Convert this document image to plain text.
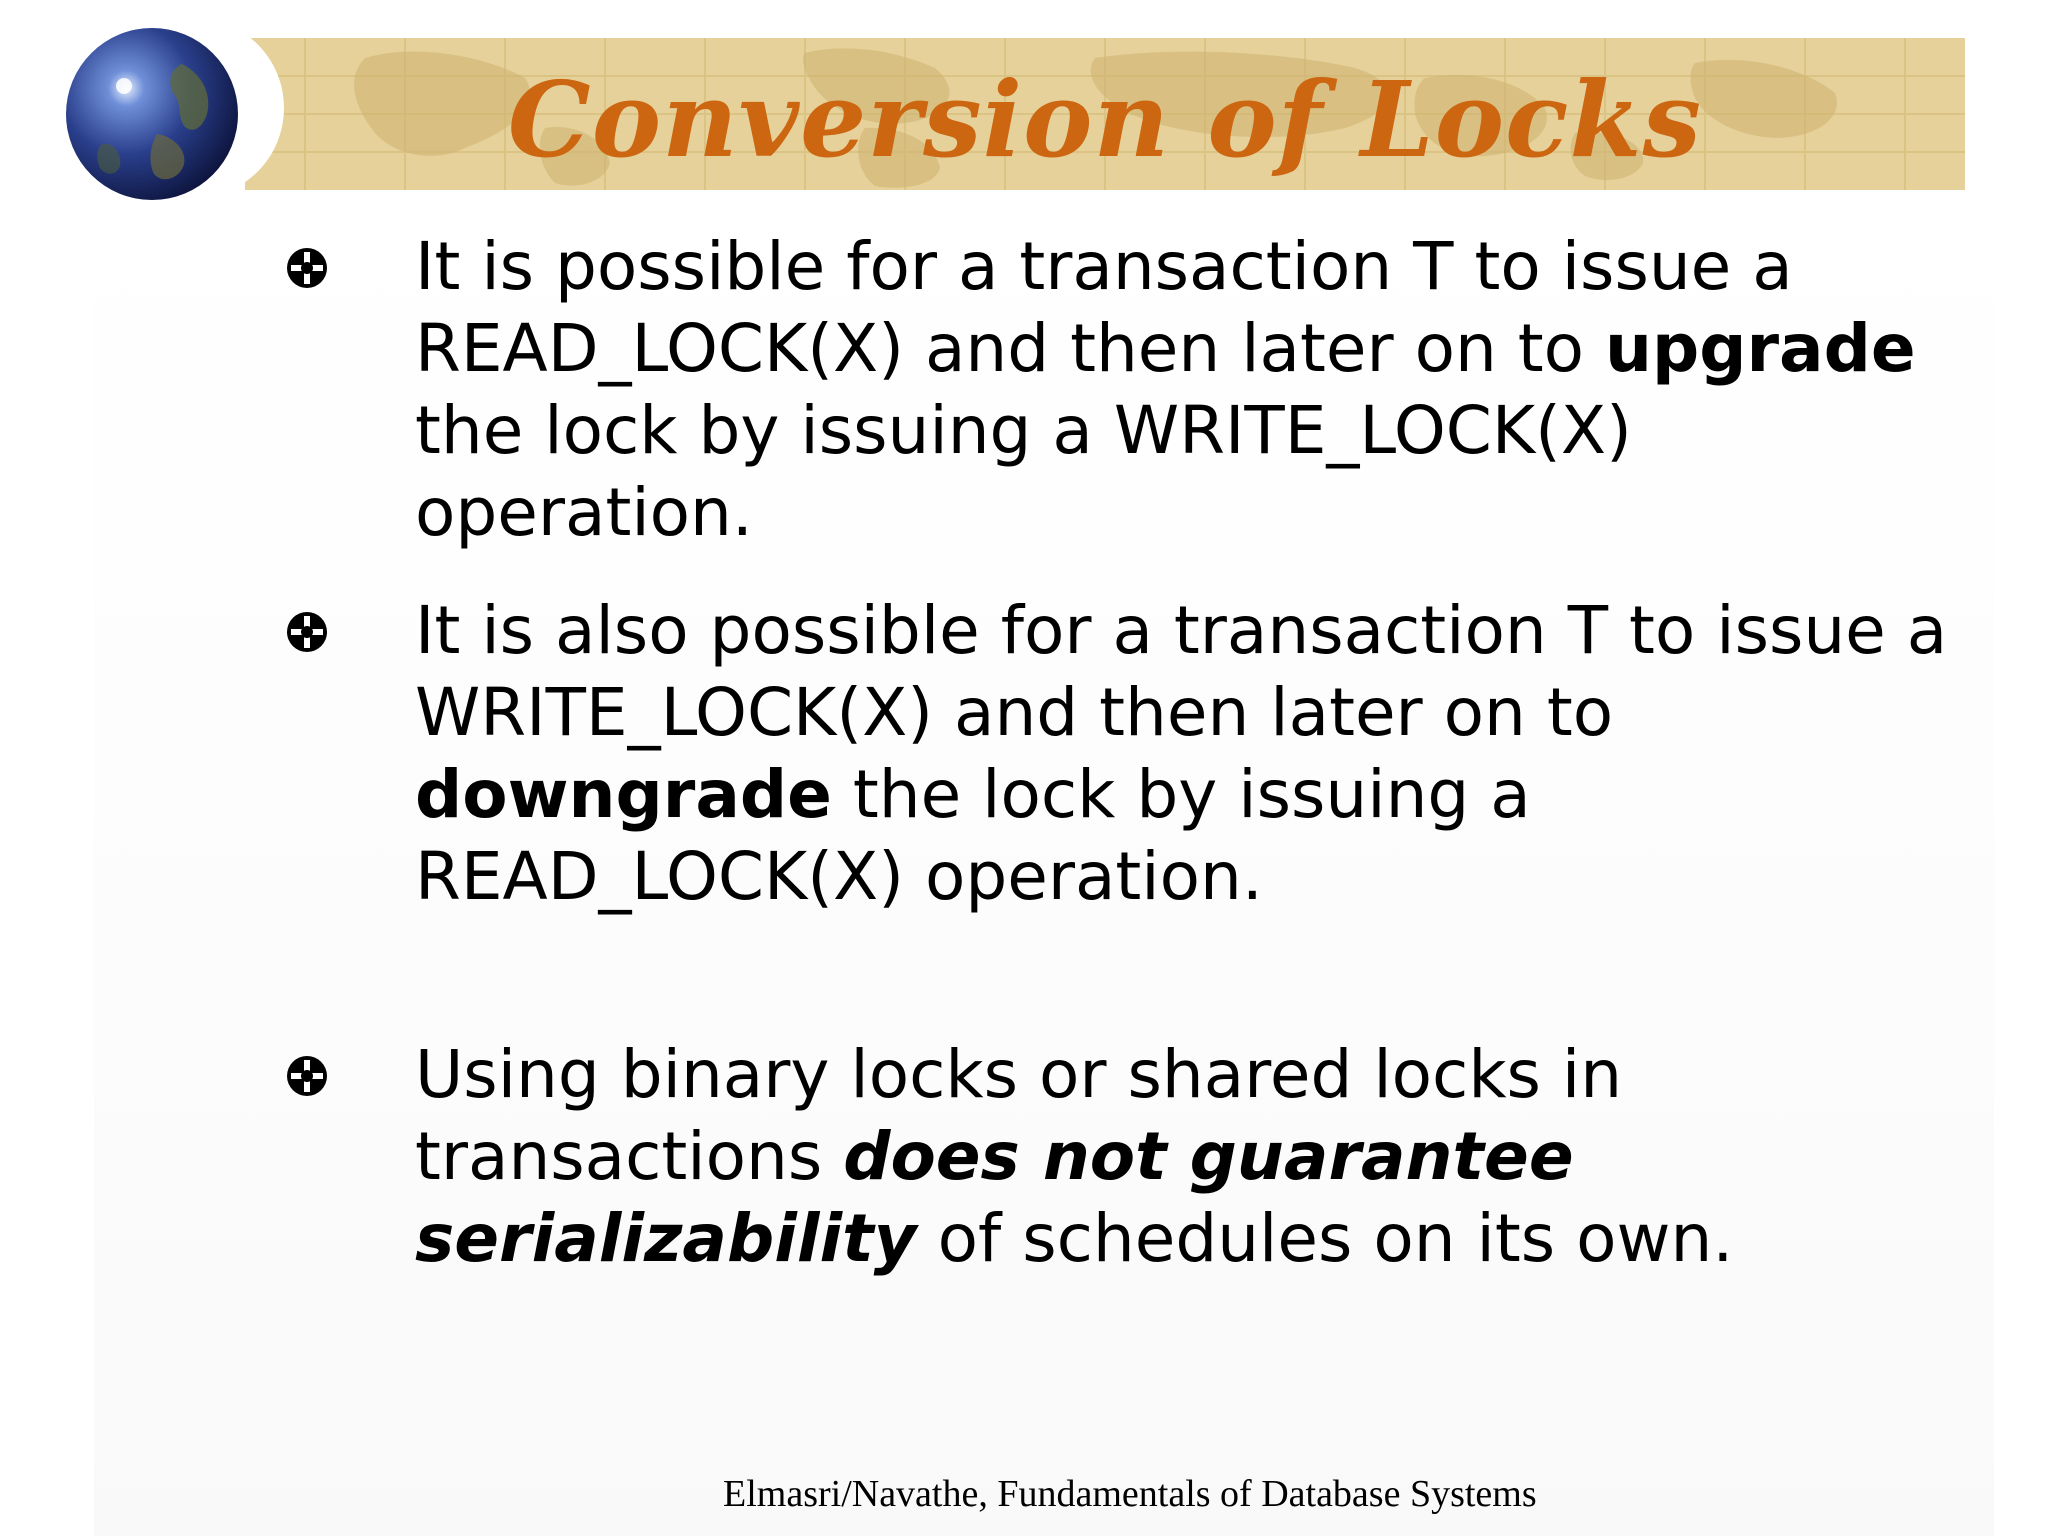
Conversion of Locks

It is possible for a transaction T to issue a READ_LOCK(X) and then later on to upgrade the lock by issuing a WRITE_LOCK(X) operation.

It is also possible for a transaction T to issue a WRITE_LOCK(X) and then later on to downgrade the lock by issuing a READ_LOCK(X) operation.

Using binary locks or shared locks in transactions does not guarantee serializability of schedules on its own.

Elmasri/Navathe, Fundamentals of Database Systems
